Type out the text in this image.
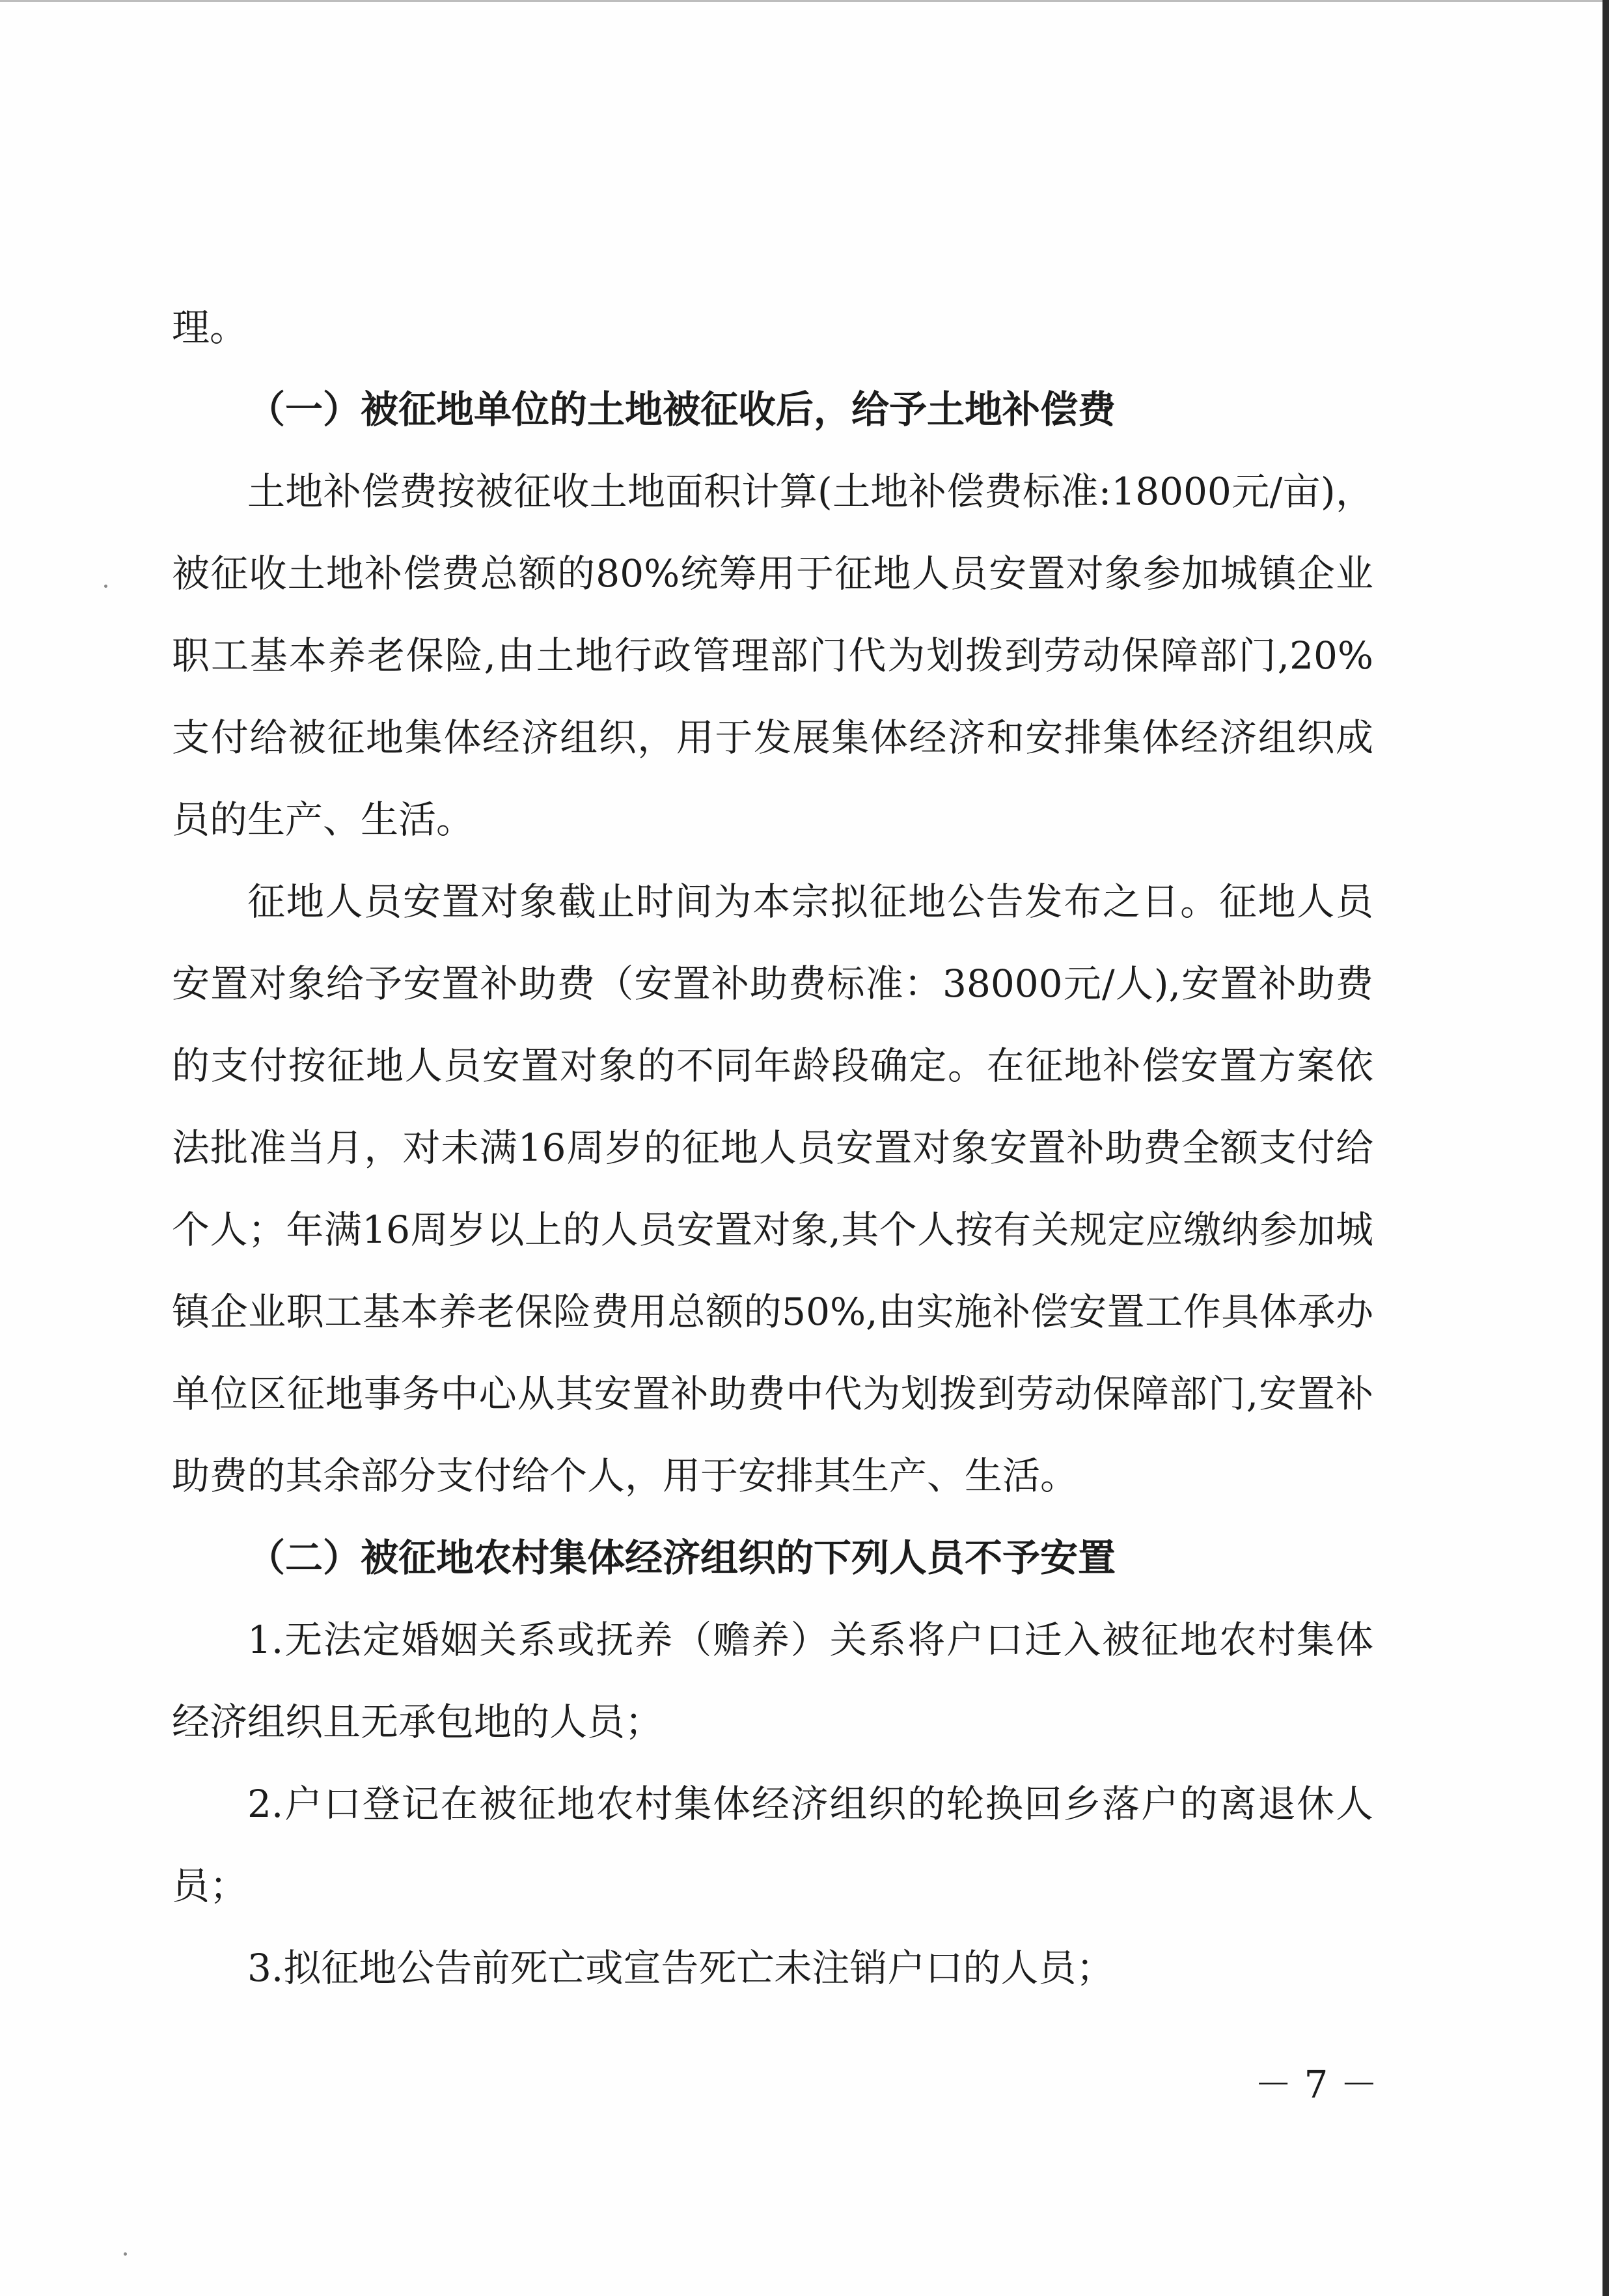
理。

（一）被征地单位的土地被征收后，给予土地补偿费

土地补偿费按被征收土地面积计算(土地补偿费标准:18000元/亩)，被征收土地补偿费总额的80%统筹用于征地人员安置对象参加城镇企业职工基本养老保险,由土地行政管理部门代为划拨到劳动保障部门,20%支付给被征地集体经济组织，用于发展集体经济和安排集体经济组织成员的生产、生活。

征地人员安置对象截止时间为本宗拟征地公告发布之日。征地人员安置对象给予安置补助费（安置补助费标准：38000元/人),安置补助费的支付按征地人员安置对象的不同年龄段确定。在征地补偿安置方案依法批准当月，对未满16周岁的征地人员安置对象安置补助费全额支付给个人；年满16周岁以上的人员安置对象,其个人按有关规定应缴纳参加城镇企业职工基本养老保险费用总额的50%,由实施补偿安置工作具体承办单位区征地事务中心从其安置补助费中代为划拨到劳动保障部门,安置补助费的其余部分支付给个人，用于安排其生产、生活。

（二）被征地农村集体经济组织的下列人员不予安置

1.无法定婚姻关系或抚养（赡养）关系将户口迁入被征地农村集体经济组织且无承包地的人员；

2.户口登记在被征地农村集体经济组织的轮换回乡落户的离退休人员；

3.拟征地公告前死亡或宣告死亡未注销户口的人员；

－ 7 －
